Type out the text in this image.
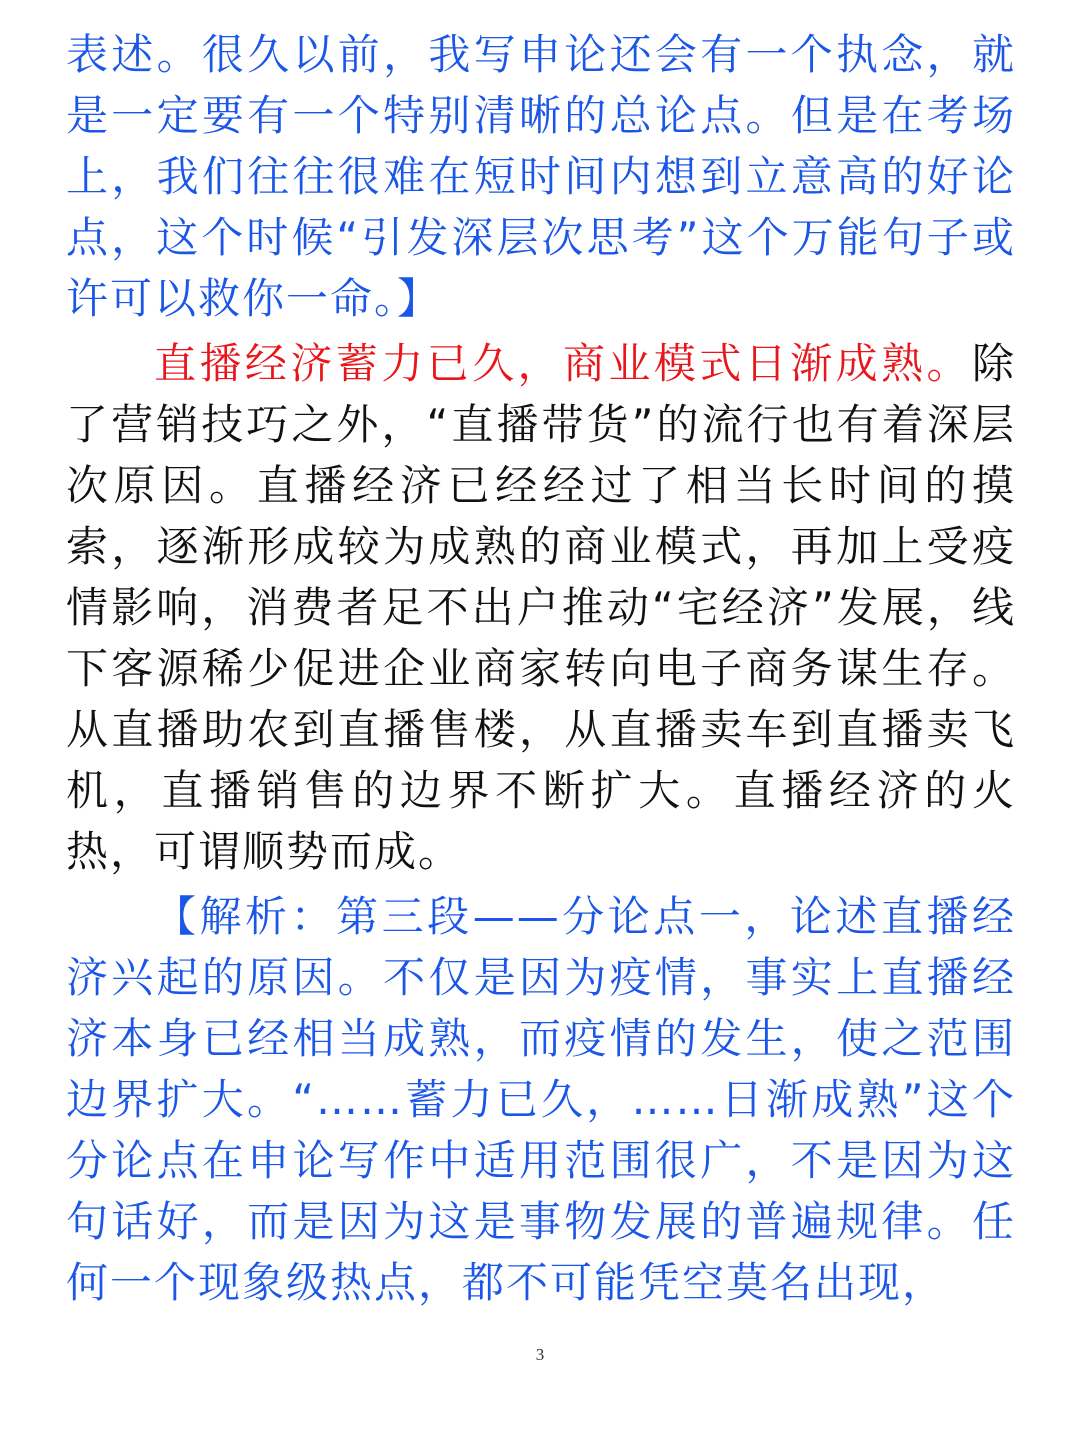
表述。很久以前，我写申论还会有一个执念，就是一定要有一个特别清晰的总论点。但是在考场上，我们往往很难在短时间内想到立意高的好论点，这个时候“引发深层次思考”这个万能句子或许可以救你一命。】

直播经济蓄力已久，商业模式日渐成熟。除了营销技巧之外，“直播带货”的流行也有着深层次原因。直播经济已经经过了相当长时间的摸索，逐渐形成较为成熟的商业模式，再加上受疫情影响，消费者足不出户推动“宅经济”发展，线下客源稀少促进企业商家转向电子商务谋生存。从直播助农到直播售楼，从直播卖车到直播卖飞机，直播销售的边界不断扩大。直播经济的火热，可谓顺势而成。

【解析：第三段——分论点一，论述直播经济兴起的原因。不仅是因为疫情，事实上直播经济本身已经相当成熟，而疫情的发生，使之范围边界扩大。“……蓄力已久，……日渐成熟”这个分论点在申论写作中适用范围很广，不是因为这句话好，而是因为这是事物发展的普遍规律。任何一个现象级热点，都不可能凭空莫名出现，

3
